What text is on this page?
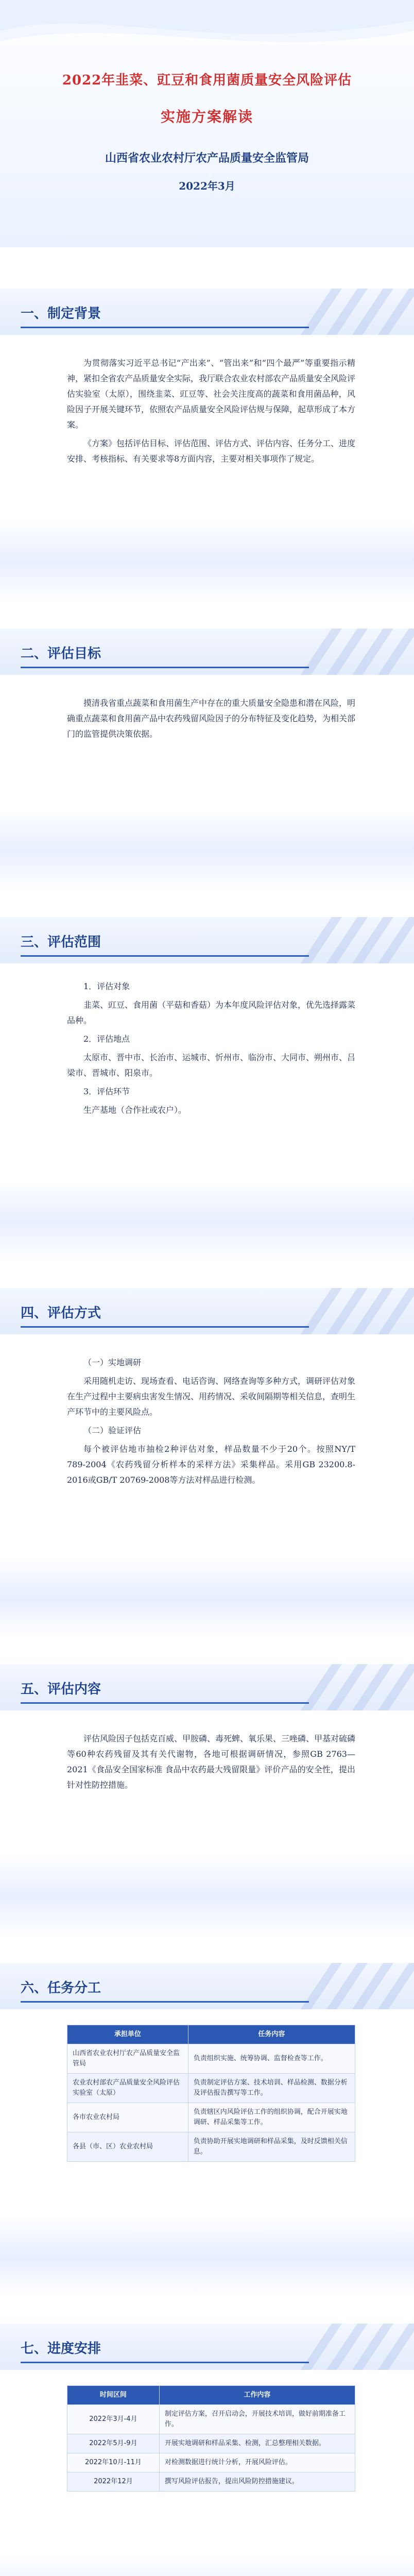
2022年韭菜、豇豆和食用菌质量安全风险评估
实施方案解读
山西省农业农村厅农产品质量安全监管局
2022年3月
一、制定背景

为贯彻落实习近平总书记“产出来”、“管出来”和“四个最严”等重要指示精神，紧扣全省农产品质量安全实际，我厅联合农业农村部农产品质量安全风险评估实验室（太原），围绕韭菜、豇豆等、社会关注度高的蔬菜和食用菌品种，风险因子开展关键环节，依照农产品质量安全风险评估规与保障，起草形成了本方案。

《方案》包括评估目标、评估范围、评估方式、评估内容、任务分工、进度安排、考核指标、有关要求等8方面内容，主要对相关事项作了规定。

二、评估目标

摸清我省重点蔬菜和食用菌生产中存在的重大质量安全隐患和潜在风险，明确重点蔬菜和食用菌产品中农药残留风险因子的分布特征及变化趋势，为相关部门的监管提供决策依据。

三、评估范围
1．评估对象
韭菜、豇豆、食用菌（平菇和香菇）为本年度风险评估对象，优先选择露菜品种。
2．评估地点
太原市、晋中市、长治市、运城市、忻州市、临汾市、大同市、朔州市、吕梁市、晋城市、阳泉市。
3．评估环节
生产基地（合作社或农户）。
四、评估方式
（一）实地调研

采用随机走访、现场查看、电话咨询、网络查询等多种方式，调研评估对象在生产过程中主要病虫害发生情况、用药情况、采收间隔期等相关信息，查明生产环节中的主要风险点。

（二）验证评估

每个被评估地市抽检2种评估对象，样品数量不少于20个。按照NY/T 789-2004《农药残留分析样本的采样方法》采集样品。采用GB 23200.8-2016或GB/T 20769-2008等方法对样品进行检测。

五、评估内容

评估风险因子包括克百威、甲胺磷、毒死蜱、氧乐果、三唑磷、甲基对硫磷等60种农药残留及其有关代谢物，各地可根据调研情况，参照GB 2763—2021《食品安全国家标准 食品中农药最大残留限量》评价产品的安全性，提出针对性防控措施。

六、任务分工
承担单位	任务内容
山西省农业农村厅农产品质量安全监管局	负责组织实施、统筹协调、监督检查等工作。
农业农村部农产品质量安全风险评估实验室（太原）	负责制定评估方案、技术培训、样品检测、数据分析及评估报告撰写等工作。
各市农业农村局	负责辖区内风险评估工作的组织协调，配合开展实地调研、样品采集等工作。
各县（市、区）农业农村局	负责协助开展实地调研和样品采集，及时反馈相关信息。
七、进度安排
时间区间	工作内容
2022年3月-4月	制定评估方案，召开启动会，开展技术培训，做好前期准备工作。
2022年5月-9月	开展实地调研和样品采集、检测，汇总整理相关数据。
2022年10月-11月	对检测数据进行统计分析，开展风险评估。
2022年12月	撰写风险评估报告，提出风险防控措施建议。
